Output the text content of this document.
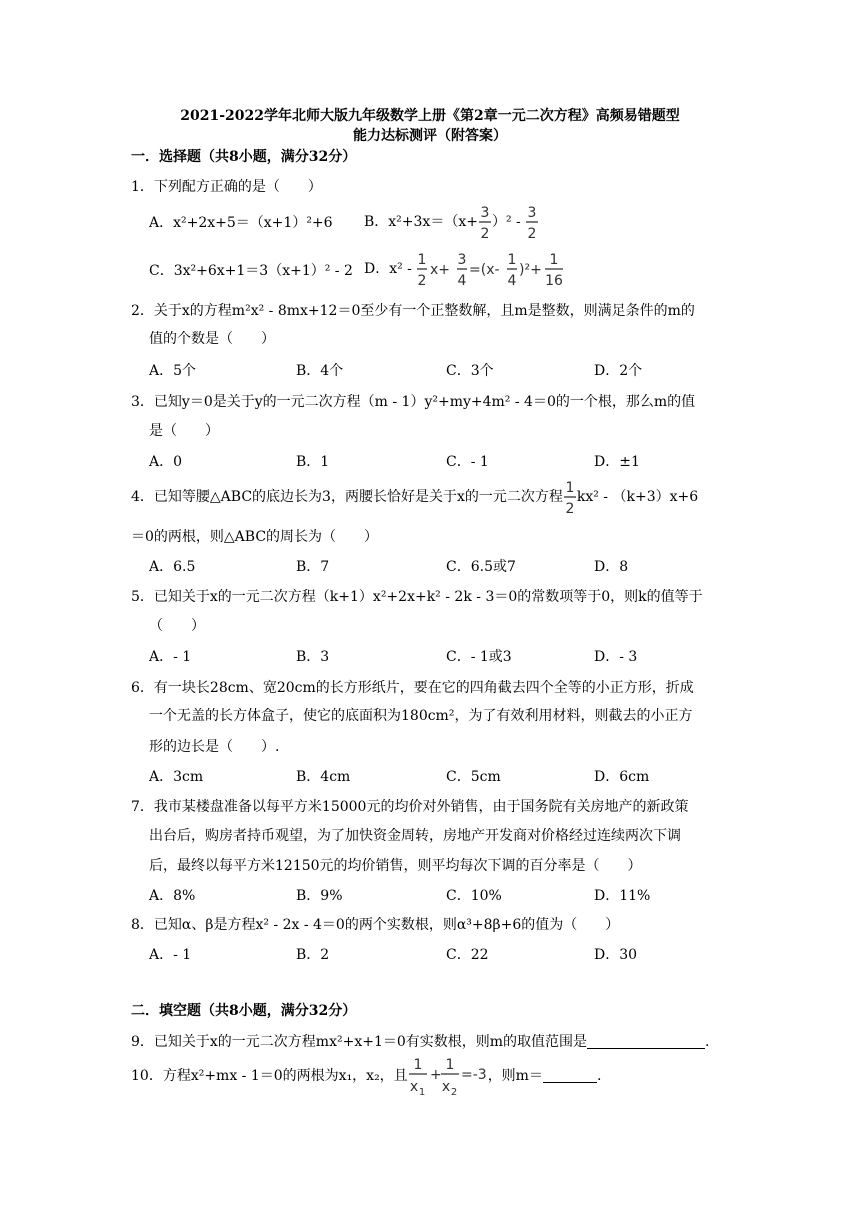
2021-2022学年北师大版九年级数学上册《第2章一元二次方程》高频易错题型
能力达标测评（附答案）
一．选择题（共8小题，满分32分）
1．下列配方正确的是（　　）
A．x²+2x+5＝（x+1）²+6 B．x²+3x＝（x+
3
2
）² -
3
2
C．3x²+6x+1＝3（x+1）² - 2 D．x² -
1
2
x+
3
4
=(x-
1
4
)²+
1
16
2．关于x的方程m²x² - 8mx+12＝0至少有一个正整数解，且m是整数，则满足条件的m的
值的个数是（　　）
A．5个	B．4个	C．3个	D．2个
3．已知y＝0是关于y的一元二次方程（m - 1）y²+my+4m² - 4＝0的一个根，那么m的值
是（　　）
A．0	B．1	C．- 1	D．±1
4．已知等腰△ABC的底边长为3，两腰长恰好是关于x的一元二次方程
1
2
kx² - （k+3）x+6
＝0的两根，则△ABC的周长为（　　）
A．6.5	B．7	C．6.5或7	D．8
5．已知关于x的一元二次方程（k+1）x²+2x+k² - 2k - 3＝0的常数项等于0，则k的值等于
（　　）
A．- 1	B．3	C．- 1或3	D．- 3
6．有一块长28cm、宽20cm的长方形纸片，要在它的四角截去四个全等的小正方形，折成
一个无盖的长方体盒子，使它的底面积为180cm²，为了有效利用材料，则截去的小正方
形的边长是（　　）.
A．3cm	B．4cm	C．5cm	D．6cm
7．我市某楼盘准备以每平方米15000元的均价对外销售，由于国务院有关房地产的新政策
出台后，购房者持币观望，为了加快资金周转，房地产开发商对价格经过连续两次下调
后，最终以每平方米12150元的均价销售，则平均每次下调的百分率是（　　）
A．8%	B．9%	C．10%	D．11%
8．已知α、β是方程x² - 2x - 4＝0的两个实数根，则α³+8β+6的值为（　　）
A．- 1	B．2	C．22	D．30
二．填空题（共8小题，满分32分）
9．已知关于x的一元二次方程mx²+x+1＝0有实数根，则m的取值范围是	.
10．方程x²+mx - 1＝0的两根为x₁，x₂，且
1
x 1
+
1
x 2
=-3 ，则m＝	.
